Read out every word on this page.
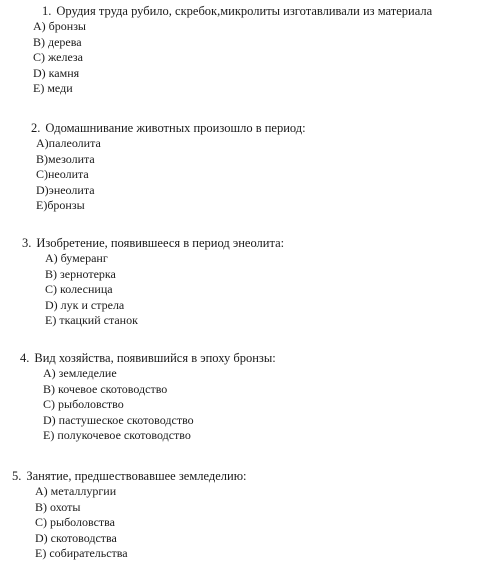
1. Орудия труда рубило, скребок,микролиты изготавливали из материала
А) бронзы
В) дерева
С) железа
D) камня
Е) меди
2. Одомашнивание животных произошло в период:
А)палеолита
В)мезолита
С)неолита
D)энеолита
Е)бронзы
3. Изобретение, появившееся в период энеолита:
А) бумеранг
В) зернотерка
С) колесница
D) лук и стрела
Е) ткацкий станок
4. Вид хозяйства, появившийся в эпоху бронзы:
А) земледелие
В) кочевое скотоводство
С) рыболовство
D) пастушеское скотоводство
Е) полукочевое скотоводство
5. Занятие, предшествовавшее земледелию:
А) металлургии
В) охоты
С) рыболовства
D) скотоводства
Е) собирательства
